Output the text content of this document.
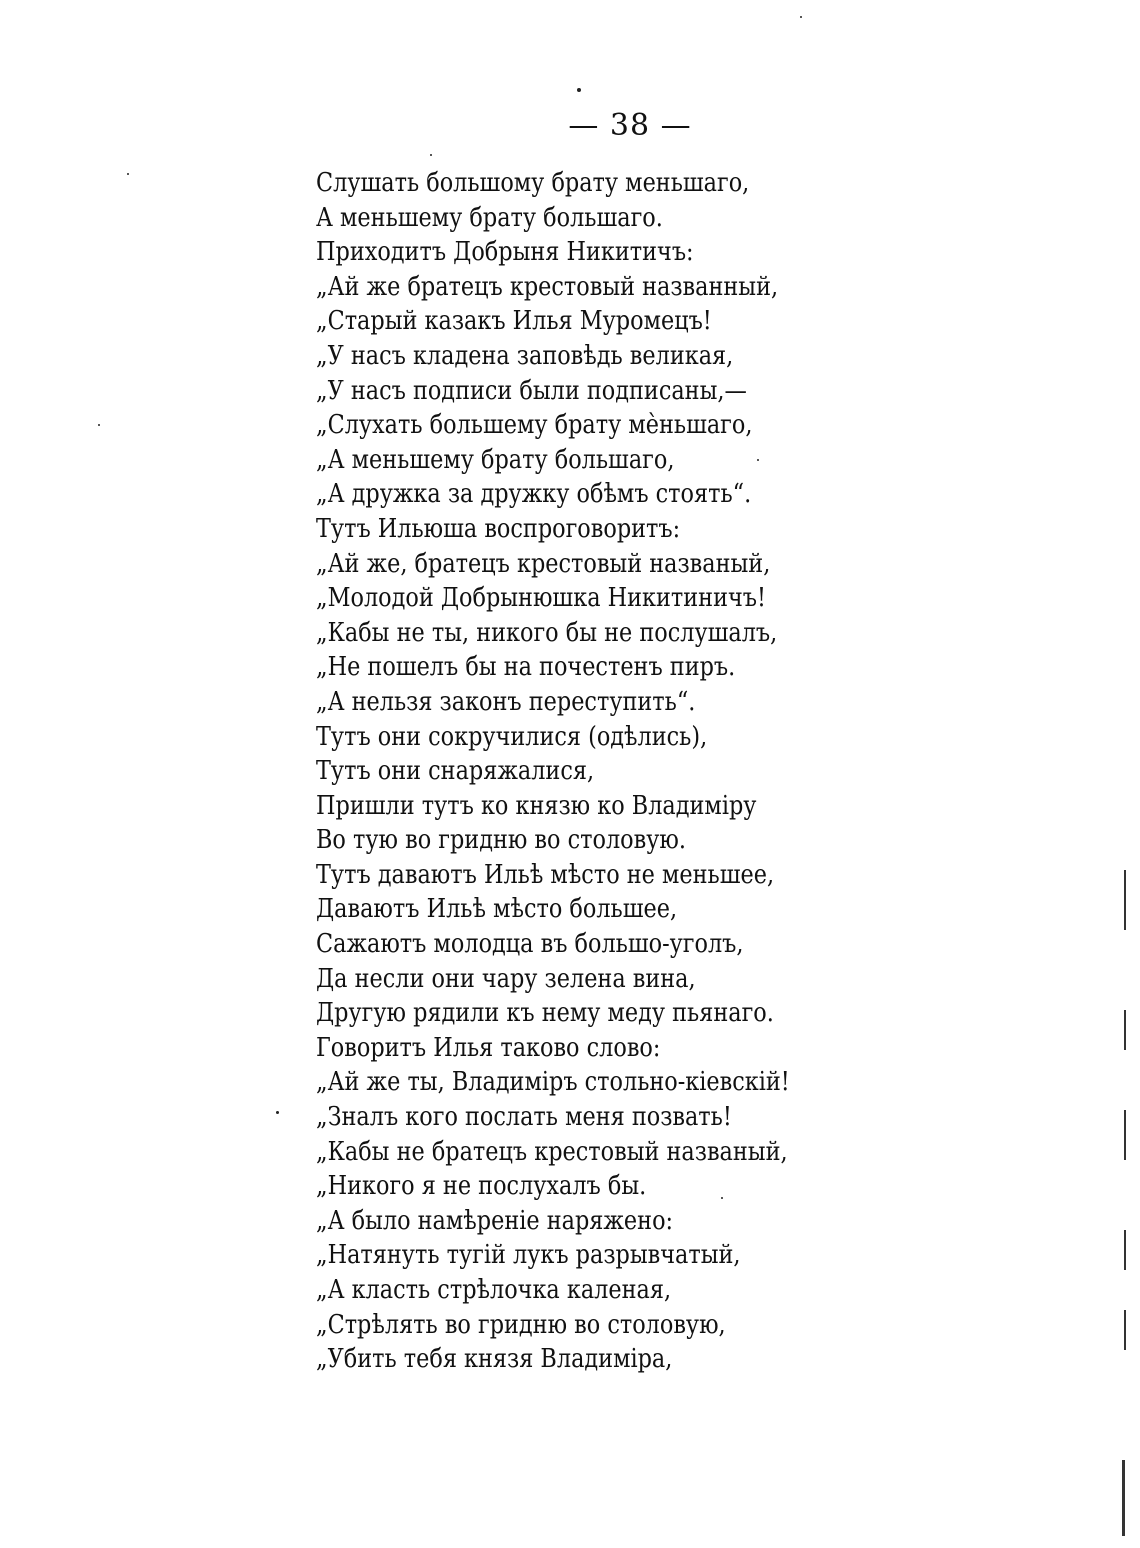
— 38 —
Слушать большому брату меньшаго,
А меньшему брату большаго.
Приходитъ Добрыня Никитичъ:
„Ай же братецъ крестовый названный,
„Старый казакъ Илья Муромецъ!
„У насъ кладена заповѣдь великая,
„У насъ подписи были подписаны,—
„Слухать большему брату мѐньшаго,
„А меньшему брату большаго,
„А дружка за дружку обѣмъ стоять“.
Тутъ Ильюша воспроговоритъ:
„Ай же, братецъ крестовый названый,
„Молодой Добрынюшка Никитиничъ!
„Кабы не ты, никого бы не послушалъ,
„Не пошелъ бы на почестенъ пиръ.
„А нельзя законъ переступить“.
Тутъ они сокручилися (одѣлись),
Тутъ они снаряжалися,
Пришли тутъ ко князю ко Владиміру
Во тую во гридню во столовую.
Тутъ даваютъ Ильѣ мѣсто не меньшее,
Даваютъ Ильѣ мѣсто большее,
Сажаютъ молодца въ большо-уголъ,
Да несли они чару зелена вина,
Другую рядили къ нему меду пьянаго.
Говоритъ Илья таково слово:
„Ай же ты, Владиміръ стольно-кіевскій!
„Зналъ кого послать меня позвать!
„Кабы не братецъ крестовый названый,
„Никого я не послухалъ бы.
„А было намѣреніе наряжено:
„Натянуть тугій лукъ разрывчатый,
„А класть стрѣлочка каленая,
„Стрѣлять во гридню во столовую,
„Убить тебя князя Владиміра,
